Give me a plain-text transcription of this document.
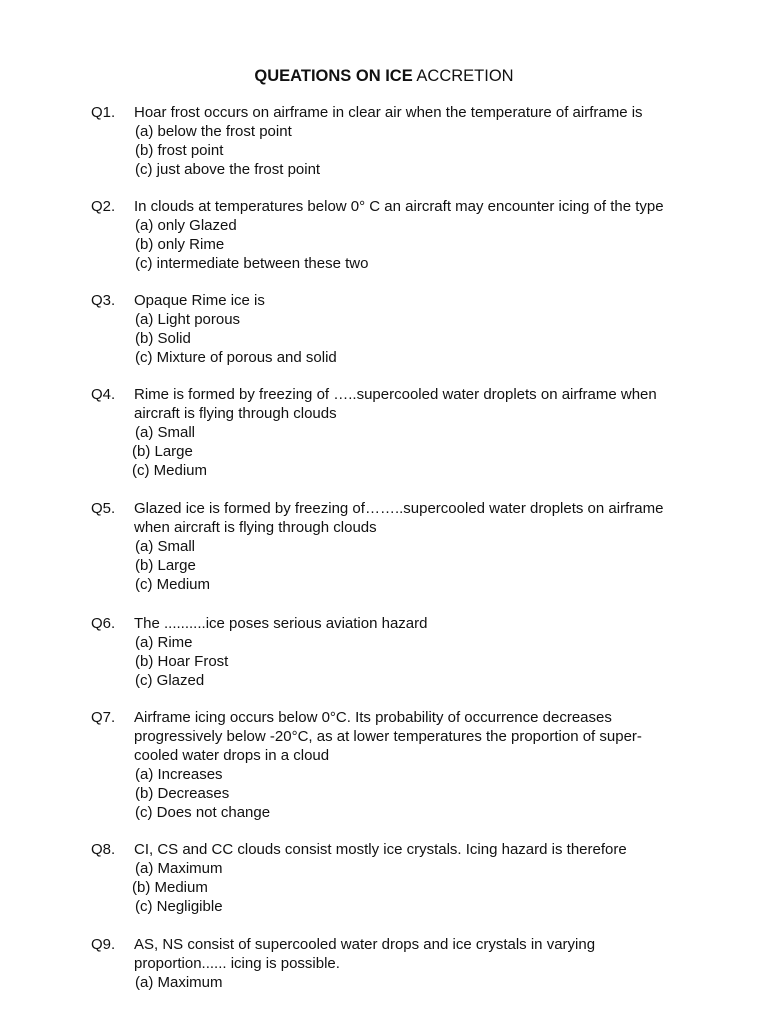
QUEATIONS ON ICE ACCRETION
Q1.	Hoar frost occurs on airframe in clear air when the temperature of airframe is
(a) below the frost point
(b) frost point
(c) just above the frost point
Q2.	In clouds at temperatures below 0° C an aircraft may encounter icing of the type
(a) only Glazed
(b) only Rime
(c) intermediate between these two
Q3.	Opaque Rime ice is
(a) Light porous
(b) Solid
(c) Mixture of porous and solid
Q4.	Rime is formed by freezing of …..supercooled water droplets on airframe when aircraft is flying through clouds
(a) Small
(b) Large
(c) Medium
Q5.	Glazed ice is formed by freezing of……..supercooled water droplets on airframe when aircraft is flying through clouds
(a) Small
(b) Large
(c) Medium
Q6.	The ..........ice poses serious aviation hazard
(a) Rime
(b) Hoar Frost
(c) Glazed
Q7.	Airframe icing occurs below 0°C. Its probability of occurrence decreases progressively below -20°C, as at lower temperatures the proportion of super-cooled water drops in a cloud
(a) Increases
(b) Decreases
(c) Does not change
Q8.	CI, CS and CC clouds consist mostly ice crystals. Icing hazard is therefore
(a) Maximum
(b) Medium
(c) Negligible
Q9.	AS, NS consist of supercooled water drops and ice crystals in varying proportion...... icing is possible.
(a) Maximum
